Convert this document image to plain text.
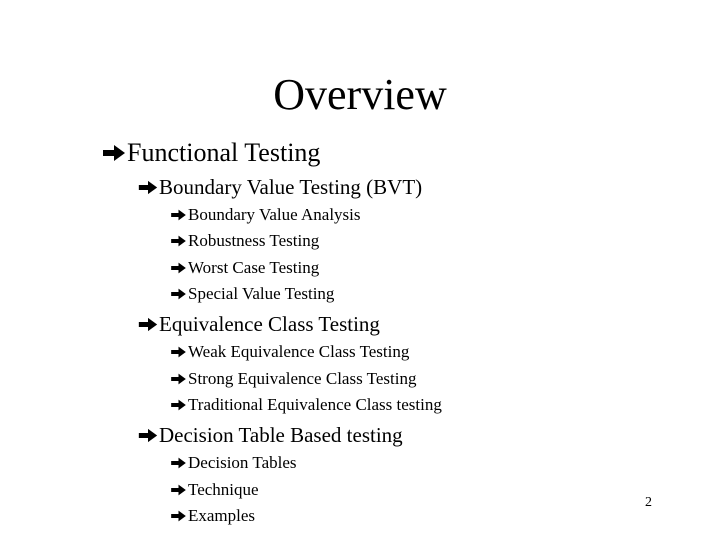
Overview
Functional Testing
Boundary Value Testing (BVT)
Boundary Value Analysis
Robustness Testing
Worst Case Testing
Special Value Testing
Equivalence Class Testing
Weak Equivalence Class Testing
Strong Equivalence Class Testing
Traditional Equivalence Class testing
Decision Table Based testing
Decision Tables
Technique
Examples
2
